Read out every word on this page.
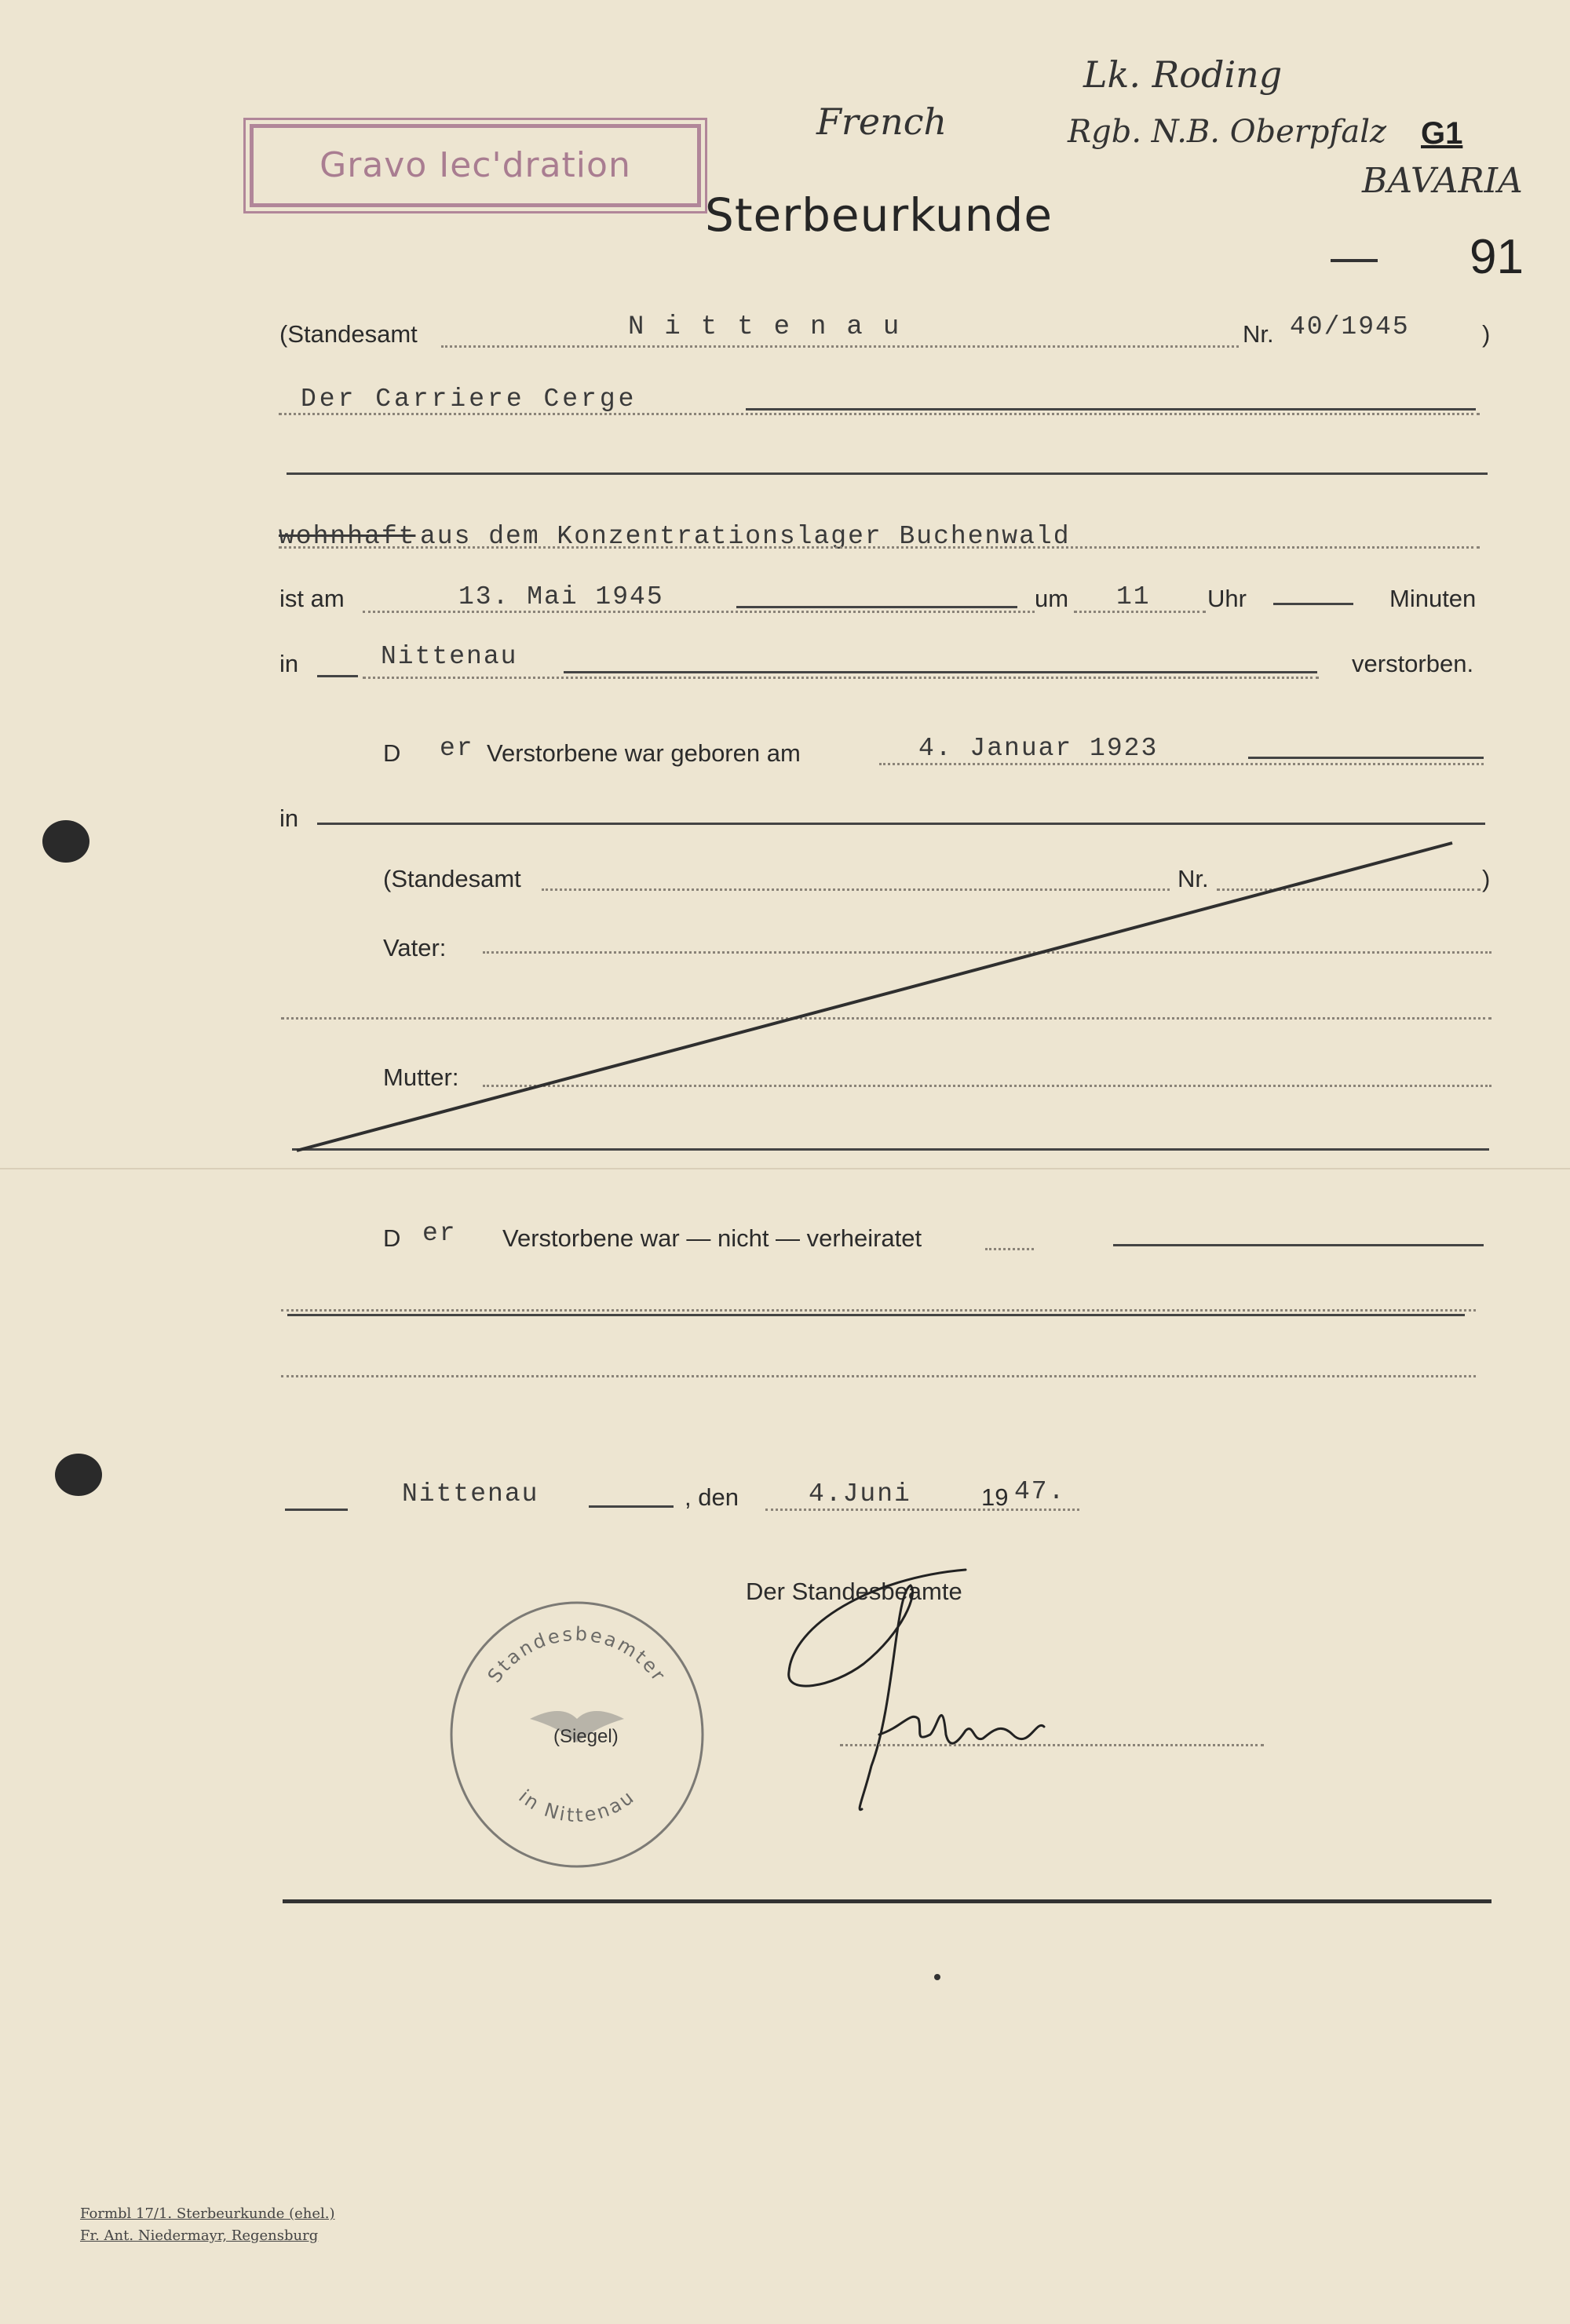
French
Lk. Roding
Rgb. N.B. Oberpfalz G1
BAVARIA
91
Gravo Iec'dration
Sterbeurkunde
(Standesamt	Nittenau	Nr. 40/1945	)
Der Carriere Cerge
wohnhaft aus dem Konzentrationslager Buchenwald
ist am	13. Mai 1945	um 11 Uhr	Minuten
in	Nittenau	verstorben.
D er Verstorbene war geboren am	4. Januar 1923
in
(Standesamt	Nr.	)
Vater:
Mutter:
D er Verstorbene war — nicht — verheiratet
Nittenau	, den	4.Juni	19 47.
Der Standesbeamte
Standesbeamter
in Nittenau
(Siegel)
Formbl 17/1. Sterbeurkunde (ehel.)
Fr. Ant. Niedermayr, Regensburg
